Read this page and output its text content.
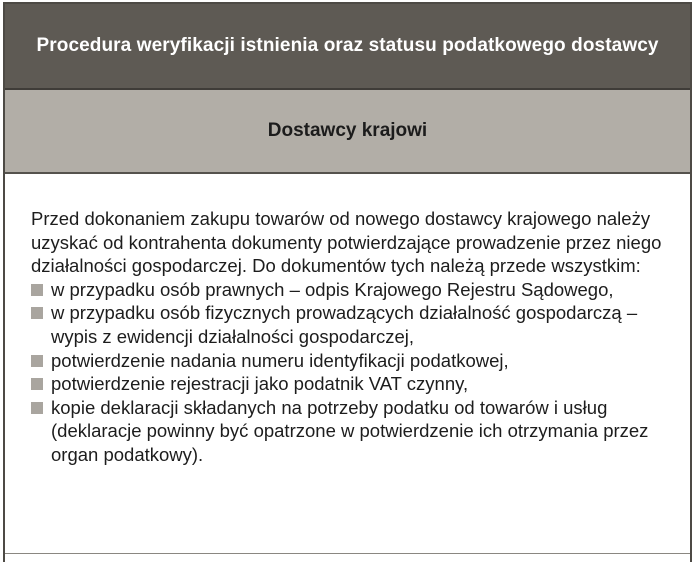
Procedura weryfikacji istnienia oraz statusu podatkowego dostawcy
Dostawcy krajowi

Przed dokonaniem zakupu towarów od nowego dostawcy krajowego należy uzyskać od kontrahenta dokumenty potwierdzające prowadzenie przez niego działalności gospodarczej. Do dokumentów tych należą przede wszystkim:

w przypadku osób prawnych – odpis Krajowego Rejestru Sądowego,
w przypadku osób fizycznych prowadzących działalność gospodarczą – wypis z ewidencji działalności gospodarczej,
potwierdzenie nadania numeru identyfikacji podatkowej,
potwierdzenie rejestracji jako podatnik VAT czynny,
kopie deklaracji składanych na potrzeby podatku od towarów i usług (deklaracje powinny być opatrzone w potwierdzenie ich otrzymania przez organ podatkowy).
